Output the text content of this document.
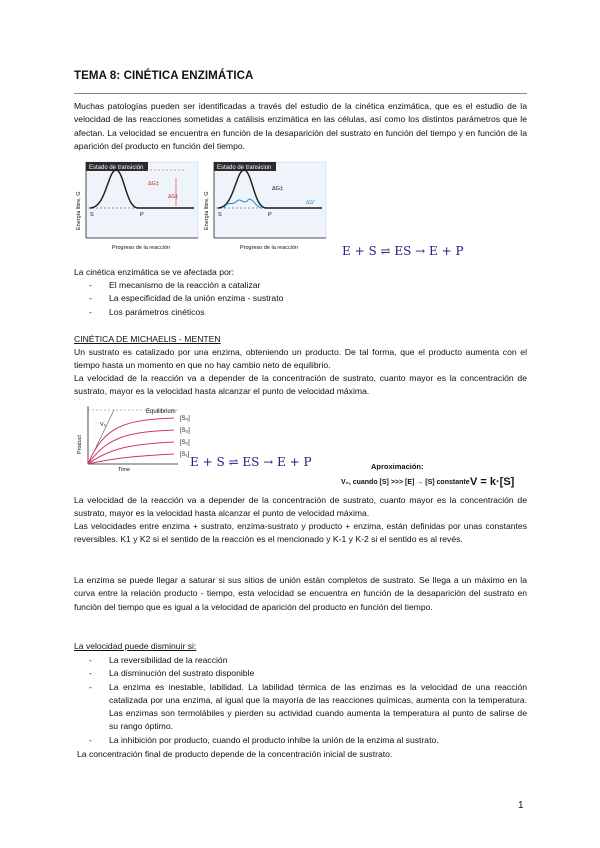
TEMA 8: CINÉTICA ENZIMÁTICA

Muchas patologías pueden ser identificadas a través del estudio de la cinética enzimática, que es el estudio de la velocidad de las reacciones sometidas a catálisis enzimática en las células, así como los distintos parámetros que le afectan. La velocidad se encuentra en función de la desaparición del sustrato en función del tiempo y en función de la aparición del producto en función del tiempo.

Estado de transición
ΔG‡
ΔG‡
S	P
Energía libre, G
Progreso de la reacción
Estado de transicion
ΔG‡
ΔG°
S	P
Energía libre, G
Progreso de la reacción	E + S ⇌ ES → E + P

La cinética enzimática se ve afectada por:

- El mecanismo de la reacción a catalizar
- La especificidad de la unión enzima - sustrato
- Los parámetros cinéticos

CINÉTICA DE MICHAELIS - MENTEN

Un sustrato es catalizado por una enzima, obteniendo un producto. De tal forma, que el producto aumenta con el tiempo hasta un momento en que no hay cambio neto de equilibrio.

La velocidad de la reacción va a depender de la concentración de sustrato, cuanto mayor es la concentración de sustrato, mayor es la velocidad hasta alcanzar el punto de velocidad máxima.

Equilibrium
V₀
[S₄]
[S₃]
[S₂]
[S₁]
Product
Time
E + S ⇌ ES → E + P	Aproximación:
V₀, cuando [S] >>> [E] → [S] constante V = k·[S]

La velocidad de la reacción va a depender de la concentración de sustrato, cuanto mayor es la concentración de sustrato, mayor es la velocidad hasta alcanzar el punto de velocidad máxima.

Las velocidades entre enzima + sustrato, enzima-sustrato y producto + enzima, están definidas por unas constantes reversibles. K1 y K2 si el sentido de la reacción es el mencionado y K-1 y K-2 si el sentido es al revés.

La enzima se puede llegar a saturar si sus sitios de unión están completos de sustrato. Se llega a un máximo en la curva entre la relación producto - tiempo, esta velocidad se encuentra en función de la desaparición del sustrato en función del tiempo que es igual a la velocidad de aparición del producto en función del tiempo.

La velocidad puede disminuir si:

- La reversibilidad de la reacción
- La disminución del sustrato disponible
- La enzima es inestable, labilidad. La labilidad térmica de las enzimas es la velocidad de una reacción catalizada por una enzima, al igual que la mayoría de las reacciones químicas, aumenta con la temperatura. Las enzimas son termolábiles y pierden su actividad cuando aumenta la temperatura al punto de salirse de su rango óptimo.
- La inhibición por producto, cuando el producto inhibe la unión de la enzima al sustrato.

La concentración final de producto depende de la concentración inicial de sustrato.

1
